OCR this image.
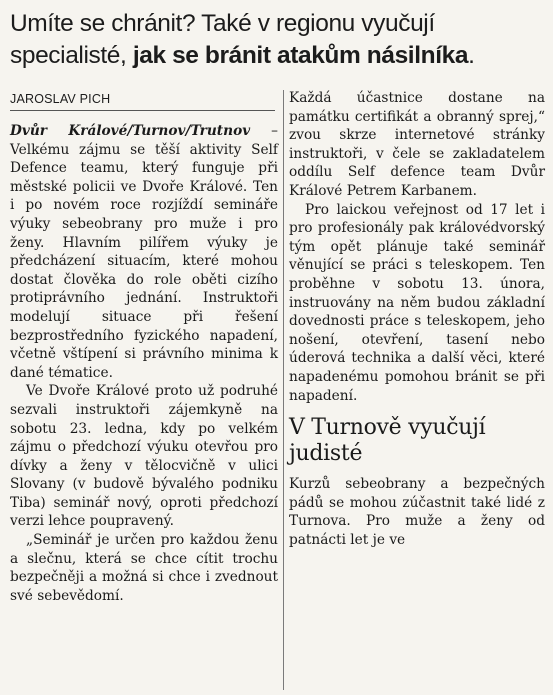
Umíte se chránit? Také v regionu vyučují specialisté, jak se bránit atakům násilníka.
JAROSLAV PICH

Dvůr Králové/Turnov/Trutnov – Velkému zájmu se těší aktivity Self Defence teamu, který funguje při městské policii ve Dvoře Králové. Ten i po novém roce rozjíždí semináře výuky sebeobrany pro muže i pro ženy. Hlavním pilířem výuky je předcházení situacím, které mohou dostat člověka do role oběti cizího protiprávního jednání. Instruktoři modelují situace při řešení bezprostředního fyzického napadení, včetně vštípení si právního minima k dané tématice.

Ve Dvoře Králové proto už podruhé sezvali instruktoři zájemkyně na sobotu 23. ledna, kdy po velkém zájmu o předchozí výuku otevřou pro dívky a ženy v tělocvičně v ulici Slovany (v budově bývalého podniku Tiba) seminář nový, oproti předchozí verzi lehce poupravený.

„Seminář je určen pro každou ženu a slečnu, která se chce cítit trochu bezpečněji a možná si chce i zvednout své sebevědomí.

Každá účastnice dostane na památku certifikát a obranný sprej,“ zvou skrze internetové stránky instruktoři, v čele se zakladatelem oddílu Self defence team Dvůr Králové Petrem Karbanem.

Pro laickou veřejnost od 17 let i pro profesionály pak královédvorský tým opět plánuje také seminář věnující se práci s teleskopem. Ten proběhne v sobotu 13. února, instruovány na něm budou základní dovednosti práce s teleskopem, jeho nošení, otevření, tasení nebo úderová technika a další věci, které napadenému pomohou bránit se při napadení.

V Turnově vyučují judisté

Kurzů sebeobrany a bezpečných pádů se mohou zúčastnit také lidé z Turnova. Pro muže a ženy od patnácti let je ve
